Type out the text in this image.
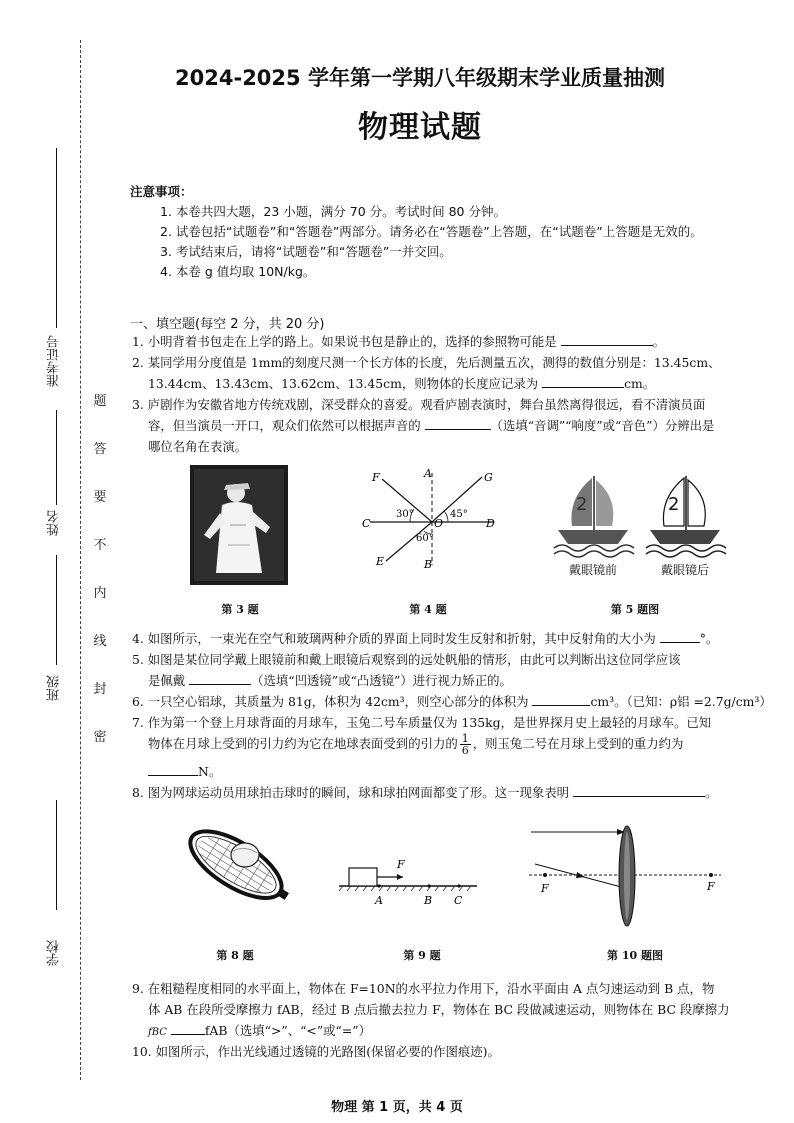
准考证号
姓名
班级
学校
题
答
要
不
内
线
封
密
2024-2025 学年第一学期八年级期末学业质量抽测
物理试题
注意事项：
1. 本卷共四大题，23 小题，满分 70 分。考试时间 80 分钟。
2. 试卷包括“试题卷”和“答题卷”两部分。请务必在“答题卷”上答题，在“试题卷”上答题是无效的。
3. 考试结束后，请将“试题卷”和“答题卷”一并交回。
4. 本卷 g 值均取 10N/kg。
一、填空题(每空 2 分，共 20 分)
1. 小明背着书包走在上学的路上。如果说书包是静止的，选择的参照物可能是	。
2. 某同学用分度值是 1mm的刻度尺测一个长方体的长度，先后测量五次，测得的数值分别是：13.45cm、
13.44cm、13.43cm、13.62cm、13.45cm，则物体的长度应记录为	cm。
3. 庐剧作为安徽省地方传统戏剧，深受群众的喜爱。观看庐剧表演时，舞台虽然离得很远，看不清演员面
容，但当演员一开口，观众们依然可以根据声音的	（选填“音调”“响度”或“音色”）分辨出是
哪位名角在表演。
第 3 题
F	A	G
C	O	D
E	B
30°	45°
60°
第 4 题
2	2
戴眼镜前	戴眼镜后
第 5 题图
4. 如图所示，一束光在空气和玻璃两种介质的界面上同时发生反射和折射，其中反射角的大小为	°。
5. 如图是某位同学戴上眼镜前和戴上眼镜后观察到的远处帆船的情形，由此可以判断出这位同学应该
是佩戴	（选填“凹透镜”或“凸透镜”）进行视力矫正的。
6. 一只空心铝球，其质量为 81g，体积为 42cm³，则空心部分的体积为	cm³。（已知：ρ铝 =2.7g/cm³）
7. 作为第一个登上月球背面的月球车，玉兔二号车质量仅为 135kg，是世界探月史上最轻的月球车。已知
物体在月球上受到的引力约为它在地球表面受到的引力的 $\frac{1}{6}$ ，则玉兔二号在月球上受到的重力约为
N。
8. 图为网球运动员用球拍击球时的瞬间，球和球拍网面都变了形。这一现象表明	。
第 8 题
F
A	B C
第 9 题
F	F
第 10 题图
9. 在粗糙程度相同的水平面上，物体在 F=10N的水平拉力作用下，沿水平面由 A 点匀速运动到 B 点，物
体 AB 在段所受摩擦力 fAB，经过 B 点后撤去拉力 F，物体在 BC 段做减速运动，则物体在 BC 段摩擦力
fBC	fAB（选填“>”、“<”或“=”）
10. 如图所示，作出光线通过透镜的光路图(保留必要的作图痕迹)。
物理 第 1 页，共 4 页
